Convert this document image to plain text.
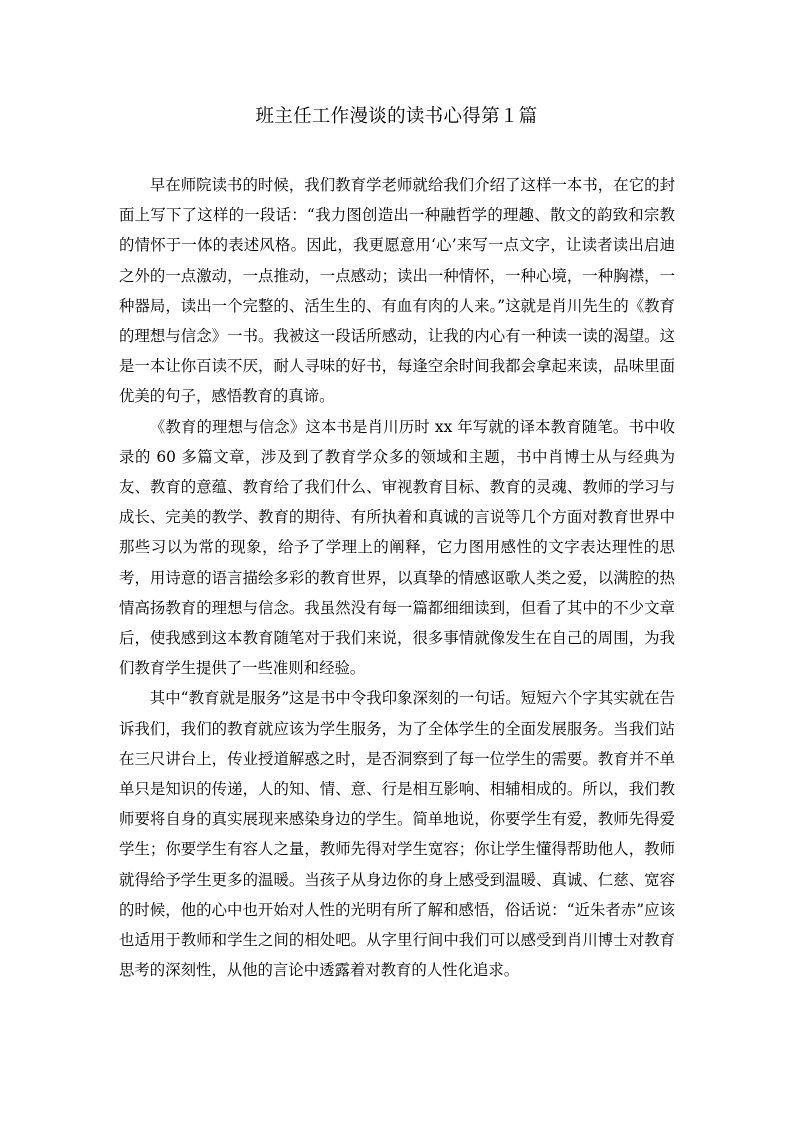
班主任工作漫谈的读书心得第１篇

早在师院读书的时候，我们教育学老师就给我们介绍了这样一本书，在它的封面上写下了这样的一段话：“我力图创造出一种融哲学的理趣、散文的韵致和宗教的情怀于一体的表述风格。因此，我更愿意用‘心’来写一点文字，让读者读出启迪之外的一点激动，一点推动，一点感动；读出一种情怀，一种心境，一种胸襟，一种器局，读出一个完整的、活生生的、有血有肉的人来。”这就是肖川先生的《教育的理想与信念》一书。我被这一段话所感动，让我的内心有一种读一读的渴望。这是一本让你百读不厌，耐人寻味的好书，每逢空余时间我都会拿起来读，品味里面优美的句子，感悟教育的真谛。

《教育的理想与信念》这本书是肖川历时 xx 年写就的译本教育随笔。书中收录的 60 多篇文章，涉及到了教育学众多的领域和主题，书中肖博士从与经典为友、教育的意蕴、教育给了我们什么、审视教育目标、教育的灵魂、教师的学习与成长、完美的教学、教育的期待、有所执着和真诚的言说等几个方面对教育世界中那些习以为常的现象，给予了学理上的阐释，它力图用感性的文字表达理性的思考，用诗意的语言描绘多彩的教育世界，以真挚的情感讴歌人类之爱，以满腔的热情高扬教育的理想与信念。我虽然没有每一篇都细细读到，但看了其中的不少文章后，使我感到这本教育随笔对于我们来说，很多事情就像发生在自己的周围，为我们教育学生提供了一些准则和经验。

其中“教育就是服务”这是书中令我印象深刻的一句话。短短六个字其实就在告诉我们，我们的教育就应该为学生服务，为了全体学生的全面发展服务。当我们站在三尺讲台上，传业授道解惑之时，是否洞察到了每一位学生的需要。教育并不单单只是知识的传递，人的知、情、意、行是相互影响、相辅相成的。所以，我们教师要将自身的真实展现来感染身边的学生。简单地说，你要学生有爱，教师先得爱学生；你要学生有容人之量，教师先得对学生宽容；你让学生懂得帮助他人，教师就得给予学生更多的温暖。当孩子从身边你的身上感受到温暖、真诚、仁慈、宽容的时候，他的心中也开始对人性的光明有所了解和感悟，俗话说：“近朱者赤”应该也适用于教师和学生之间的相处吧。从字里行间中我们可以感受到肖川博士对教育思考的深刻性，从他的言论中透露着对教育的人性化追求。
